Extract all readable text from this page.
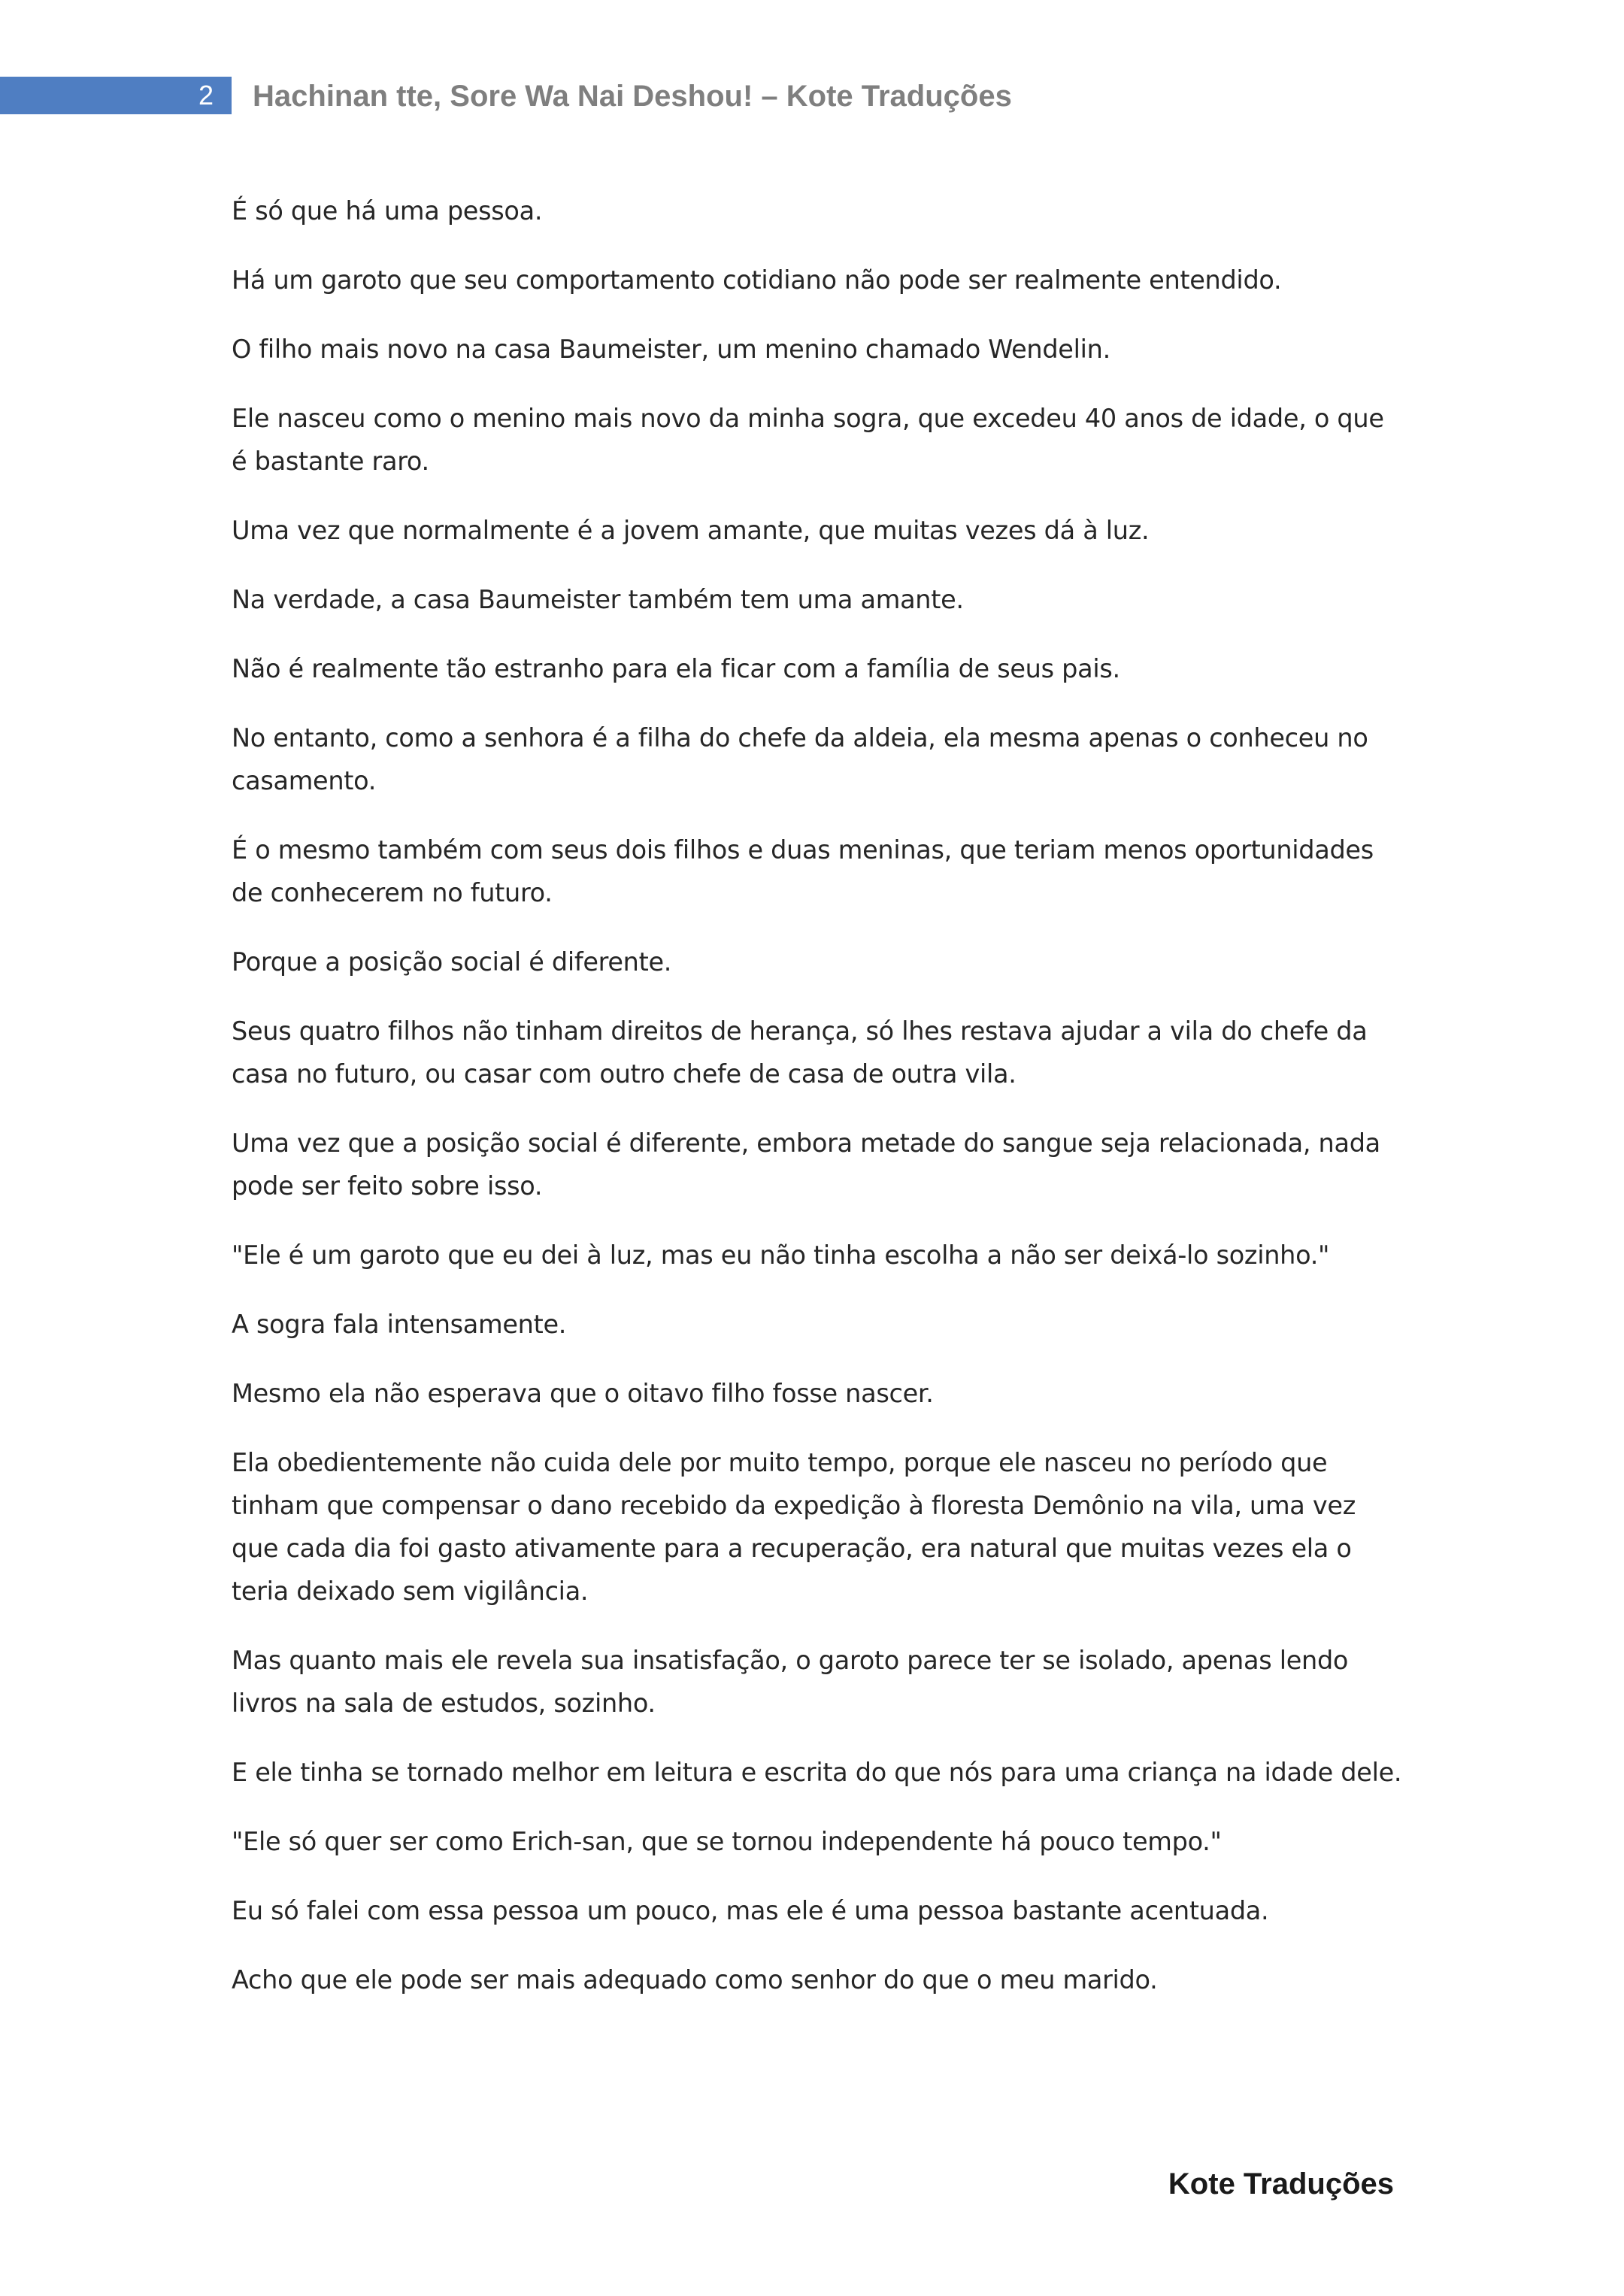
2 Hachinan tte, Sore Wa Nai Deshou! – Kote Traduções

É só que há uma pessoa.

Há um garoto que seu comportamento cotidiano não pode ser realmente entendido.

O filho mais novo na casa Baumeister, um menino chamado Wendelin.

Ele nasceu como o menino mais novo da minha sogra, que excedeu 40 anos de idade, o que é bastante raro.

Uma vez que normalmente é a jovem amante, que muitas vezes dá à luz.

Na verdade, a casa Baumeister também tem uma amante.

Não é realmente tão estranho para ela ficar com a família de seus pais.

No entanto, como a senhora é a filha do chefe da aldeia, ela mesma apenas o conheceu no casamento.

É o mesmo também com seus dois filhos e duas meninas, que teriam menos oportunidades de conhecerem no futuro.

Porque a posição social é diferente.

Seus quatro filhos não tinham direitos de herança, só lhes restava ajudar a vila do chefe da casa no futuro, ou casar com outro chefe de casa de outra vila.

Uma vez que a posição social é diferente, embora metade do sangue seja relacionada, nada pode ser feito sobre isso.

"Ele é um garoto que eu dei à luz, mas eu não tinha escolha a não ser deixá-lo sozinho."

A sogra fala intensamente.

Mesmo ela não esperava que o oitavo filho fosse nascer.

Ela obedientemente não cuida dele por muito tempo, porque ele nasceu no período que tinham que compensar o dano recebido da expedição à floresta Demônio na vila, uma vez que cada dia foi gasto ativamente para a recuperação, era natural que muitas vezes ela o teria deixado sem vigilância.

Mas quanto mais ele revela sua insatisfação, o garoto parece ter se isolado, apenas lendo livros na sala de estudos, sozinho.

E ele tinha se tornado melhor em leitura e escrita do que nós para uma criança na idade dele.

"Ele só quer ser como Erich-san, que se tornou independente há pouco tempo."

Eu só falei com essa pessoa um pouco, mas ele é uma pessoa bastante acentuada.

Acho que ele pode ser mais adequado como senhor do que o meu marido.

Kote Traduções
